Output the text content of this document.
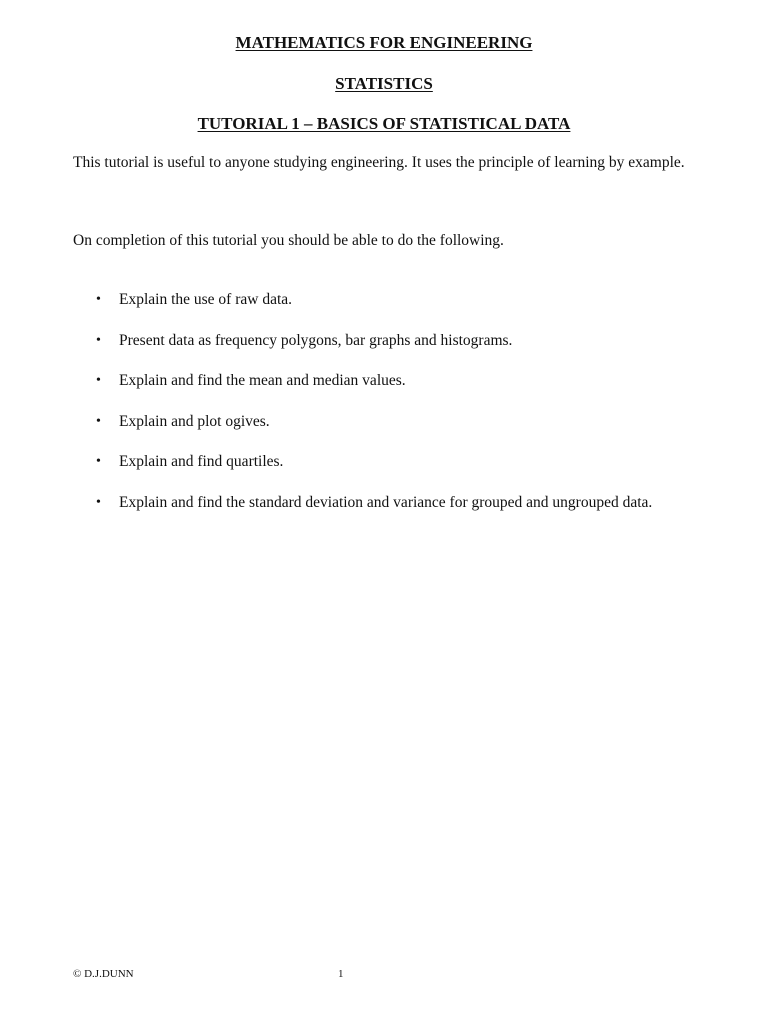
MATHEMATICS FOR ENGINEERING
STATISTICS
TUTORIAL 1 – BASICS OF STATISTICAL DATA

This tutorial is useful to anyone studying engineering. It uses the principle of learning by example.

On completion of this tutorial you should be able to do the following.

• Explain the use of raw data.
• Present data as frequency polygons, bar graphs and histograms.
• Explain and find the mean and median values.
• Explain and plot ogives.
• Explain and find quartiles.
• Explain and find the standard deviation and variance for grouped and ungrouped data.
© D.J.DUNN	1
